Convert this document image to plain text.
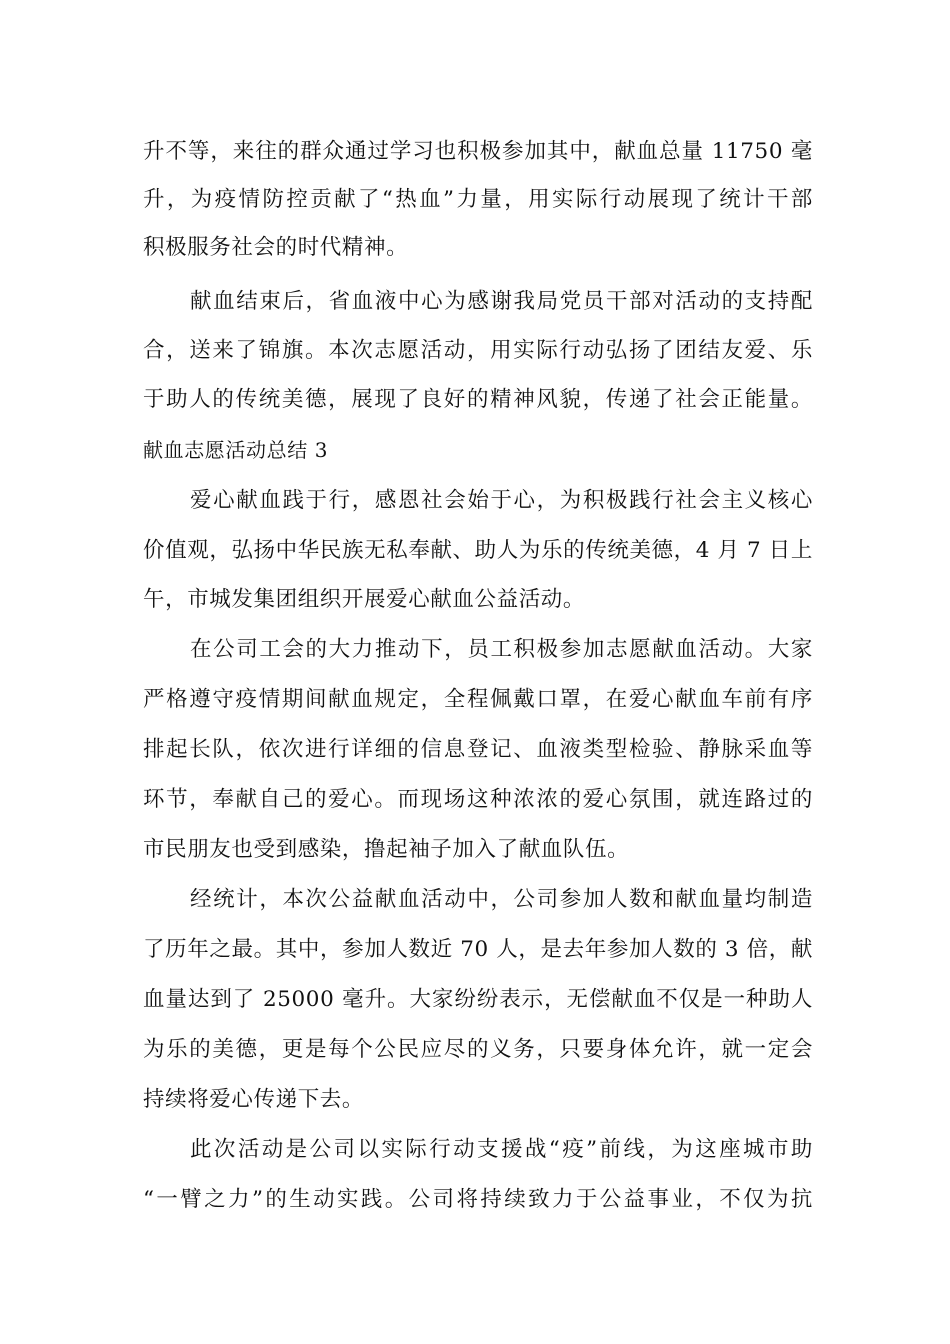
升不等，来往的群众通过学习也积极参加其中，献血总量 11750 毫
升，为疫情防控贡献了“热血”力量，用实际行动展现了统计干部
积极服务社会的时代精神。
献血结束后，省血液中心为感谢我局党员干部对活动的支持配
合，送来了锦旗。本次志愿活动，用实际行动弘扬了团结友爱、乐
于助人的传统美德，展现了良好的精神风貌，传递了社会正能量。
献血志愿活动总结 3
爱心献血践于行，感恩社会始于心，为积极践行社会主义核心
价值观，弘扬中华民族无私奉献、助人为乐的传统美德，4 月 7 日上
午，市城发集团组织开展爱心献血公益活动。
在公司工会的大力推动下，员工积极参加志愿献血活动。大家
严格遵守疫情期间献血规定，全程佩戴口罩，在爱心献血车前有序
排起长队，依次进行详细的信息登记、血液类型检验、静脉采血等
环节，奉献自己的爱心。而现场这种浓浓的爱心氛围，就连路过的
市民朋友也受到感染，撸起袖子加入了献血队伍。
经统计，本次公益献血活动中，公司参加人数和献血量均制造
了历年之最。其中，参加人数近 70 人，是去年参加人数的 3 倍，献
血量达到了 25000 毫升。大家纷纷表示，无偿献血不仅是一种助人
为乐的美德，更是每个公民应尽的义务，只要身体允许，就一定会
持续将爱心传递下去。
此次活动是公司以实际行动支援战“疫”前线，为这座城市助
“一臂之力”的生动实践。公司将持续致力于公益事业，不仅为抗
